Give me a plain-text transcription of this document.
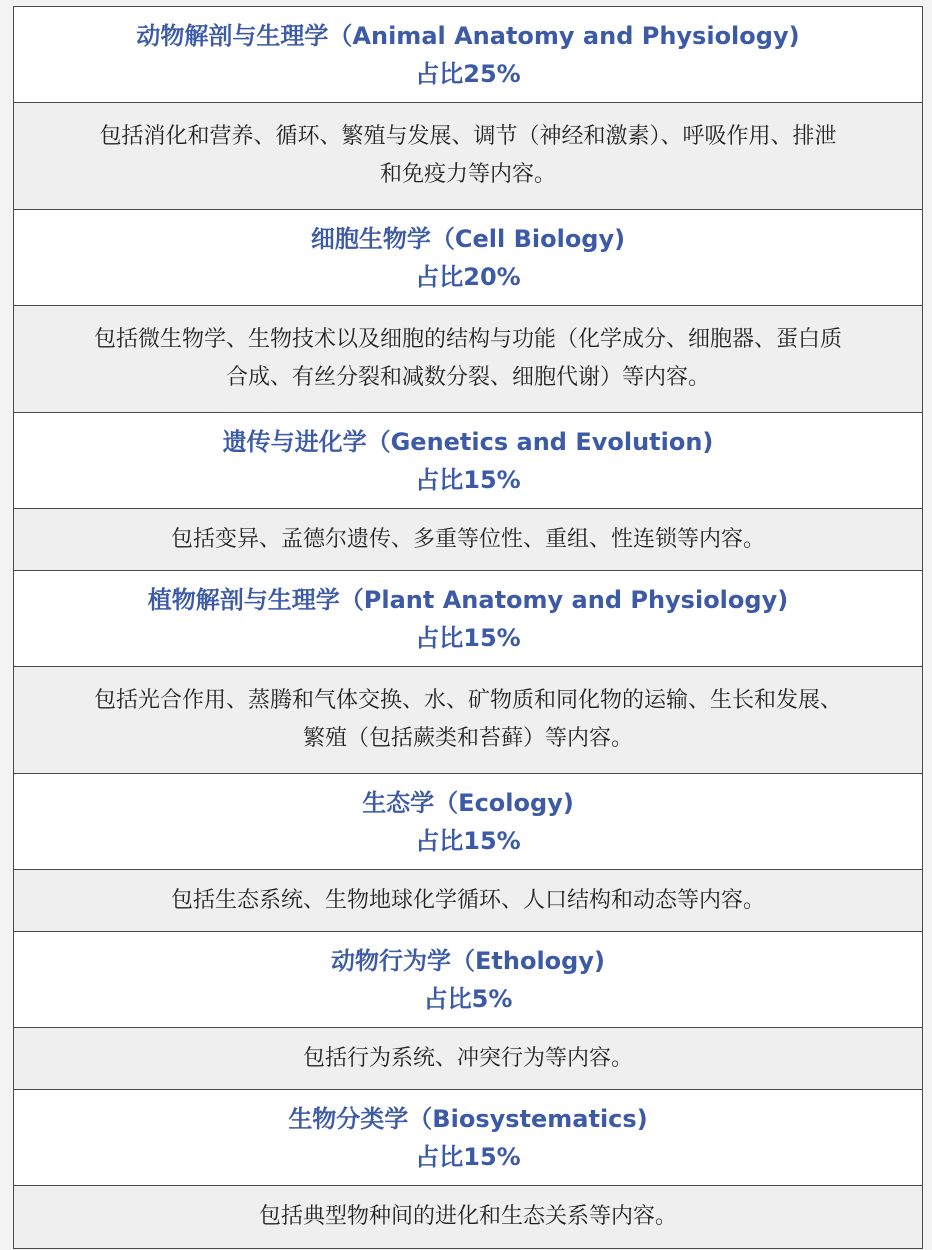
动物解剖与生理学（Animal Anatomy and Physiology)
占比25%
包括消化和营养、循环、繁殖与发展、调节（神经和激素）、呼吸作用、排泄
和免疫力等内容。
细胞生物学（Cell Biology)
占比20%
包括微生物学、生物技术以及细胞的结构与功能（化学成分、细胞器、蛋白质
合成、有丝分裂和减数分裂、细胞代谢）等内容。
遗传与进化学（Genetics and Evolution)
占比15%
包括变异、孟德尔遗传、多重等位性、重组、性连锁等内容。
植物解剖与生理学（Plant Anatomy and Physiology)
占比15%
包括光合作用、蒸腾和气体交换、水、矿物质和同化物的运输、生长和发展、
繁殖（包括蕨类和苔藓）等内容。
生态学（Ecology)
占比15%
包括生态系统、生物地球化学循环、人口结构和动态等内容。
动物行为学（Ethology)
占比5%
包括行为系统、冲突行为等内容。
生物分类学（Biosystematics)
占比15%
包括典型物种间的进化和生态关系等内容。
